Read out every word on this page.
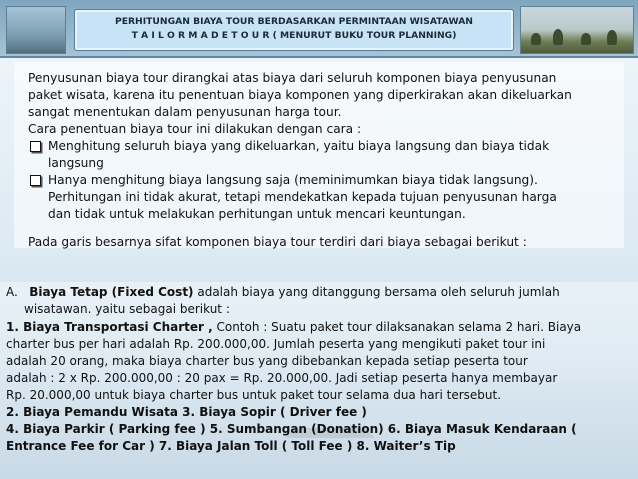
PERHITUNGAN BIAYA TOUR BERDASARKAN PERMINTAAN WISATAWAN
T A I L O R M A D E T O U R ( MENURUT BUKU TOUR PLANNING)
Penyusunan biaya tour dirangkai atas biaya dari seluruh komponen biaya penyusunan
paket wisata, karena itu penentuan biaya komponen yang diperkirakan akan dikeluarkan
sangat menentukan dalam penyusunan harga tour.
Cara penentuan biaya tour ini dilakukan dengan cara :
Menghitung seluruh biaya yang dikeluarkan, yaitu biaya langsung dan biaya tidak
langsung
Hanya menghitung biaya langsung saja (meminimumkan biaya tidak langsung).
Perhitungan ini tidak akurat, tetapi mendekatkan kepada tujuan penyusunan harga
dan tidak untuk melakukan perhitungan untuk mencari keuntungan.
Pada garis besarnya sifat komponen biaya tour terdiri dari biaya sebagai berikut :
A. Biaya Tetap (Fixed Cost) adalah biaya yang ditanggung bersama oleh seluruh jumlah
wisatawan. yaitu sebagai berikut :
1. Biaya Transportasi Charter , Contoh : Suatu paket tour dilaksanakan selama 2 hari. Biaya
charter bus per hari adalah Rp. 200.000,00. Jumlah peserta yang mengikuti paket tour ini
adalah 20 orang, maka biaya charter bus yang dibebankan kepada setiap peserta tour
adalah : 2 x Rp. 200.000,00 : 20 pax = Rp. 20.000,00. Jadi setiap peserta hanya membayar
Rp. 20.000,00 untuk biaya charter bus untuk paket tour selama dua hari tersebut.
2. Biaya Pemandu Wisata 3. Biaya Sopir ( Driver fee )
4. Biaya Parkir ( Parking fee ) 5. Sumbangan (Donation) 6. Biaya Masuk Kendaraan (
Entrance Fee for Car ) 7. Biaya Jalan Toll ( Toll Fee ) 8. Waiter’s Tip
